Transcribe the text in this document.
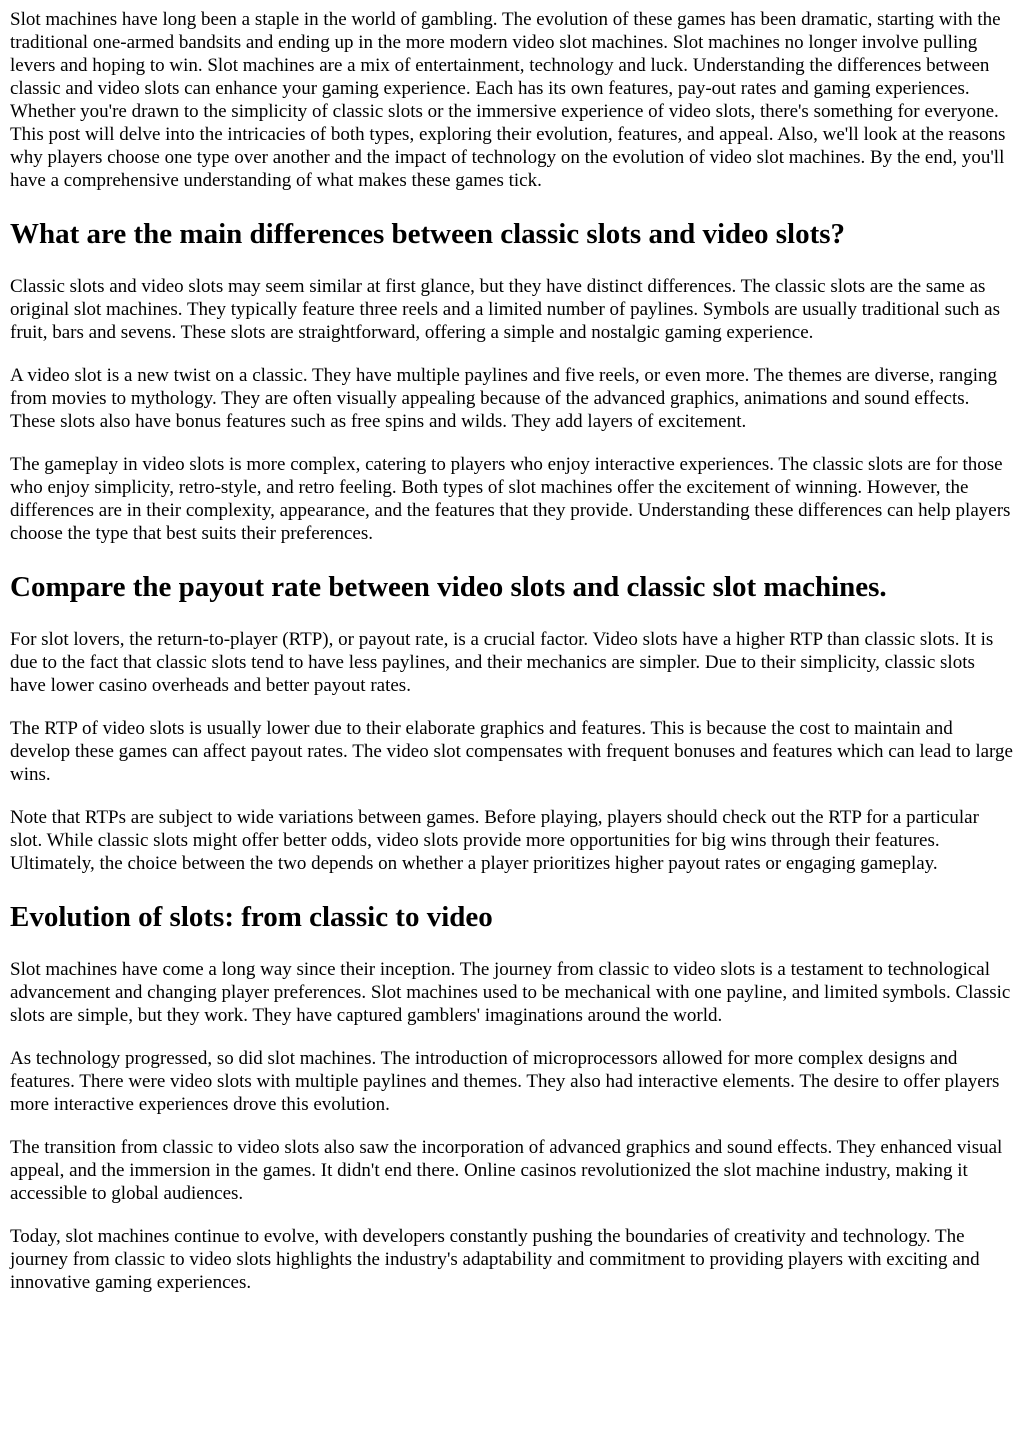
Slot machines have long been a staple in the world of gambling. The evolution of these games has been dramatic, starting with the traditional one-armed bandsits and ending up in the more modern video slot machines. Slot machines no longer involve pulling levers and hoping to win. Slot machines are a mix of entertainment, technology and luck. Understanding the differences between classic and video slots can enhance your gaming experience. Each has its own features, pay-out rates and gaming experiences. Whether you're drawn to the simplicity of classic slots or the immersive experience of video slots, there's something for everyone. This post will delve into the intricacies of both types, exploring their evolution, features, and appeal. Also, we'll look at the reasons why players choose one type over another and the impact of technology on the evolution of video slot machines. By the end, you'll have a comprehensive understanding of what makes these games tick.

What are the main differences between classic slots and video slots?

Classic slots and video slots may seem similar at first glance, but they have distinct differences. The classic slots are the same as original slot machines. They typically feature three reels and a limited number of paylines. Symbols are usually traditional such as fruit, bars and sevens. These slots are straightforward, offering a simple and nostalgic gaming experience.

A video slot is a new twist on a classic. They have multiple paylines and five reels, or even more. The themes are diverse, ranging from movies to mythology. They are often visually appealing because of the advanced graphics, animations and sound effects. These slots also have bonus features such as free spins and wilds. They add layers of excitement.

The gameplay in video slots is more complex, catering to players who enjoy interactive experiences. The classic slots are for those who enjoy simplicity, retro-style, and retro feeling. Both types of slot machines offer the excitement of winning. However, the differences are in their complexity, appearance, and the features that they provide. Understanding these differences can help players choose the type that best suits their preferences.

Compare the payout rate between video slots and classic slot machines.

For slot lovers, the return-to-player (RTP), or payout rate, is a crucial factor. Video slots have a higher RTP than classic slots. It is due to the fact that classic slots tend to have less paylines, and their mechanics are simpler. Due to their simplicity, classic slots have lower casino overheads and better payout rates.

The RTP of video slots is usually lower due to their elaborate graphics and features. This is because the cost to maintain and develop these games can affect payout rates. The video slot compensates with frequent bonuses and features which can lead to large wins.

Note that RTPs are subject to wide variations between games. Before playing, players should check out the RTP for a particular slot. While classic slots might offer better odds, video slots provide more opportunities for big wins through their features. Ultimately, the choice between the two depends on whether a player prioritizes higher payout rates or engaging gameplay.

Evolution of slots: from classic to video

Slot machines have come a long way since their inception. The journey from classic to video slots is a testament to technological advancement and changing player preferences. Slot machines used to be mechanical with one payline, and limited symbols. Classic slots are simple, but they work. They have captured gamblers' imaginations around the world.

As technology progressed, so did slot machines. The introduction of microprocessors allowed for more complex designs and features. There were video slots with multiple paylines and themes. They also had interactive elements. The desire to offer players more interactive experiences drove this evolution.

The transition from classic to video slots also saw the incorporation of advanced graphics and sound effects. They enhanced visual appeal, and the immersion in the games. It didn't end there. Online casinos revolutionized the slot machine industry, making it accessible to global audiences.

Today, slot machines continue to evolve, with developers constantly pushing the boundaries of creativity and technology. The journey from classic to video slots highlights the industry's adaptability and commitment to providing players with exciting and innovative gaming experiences.
